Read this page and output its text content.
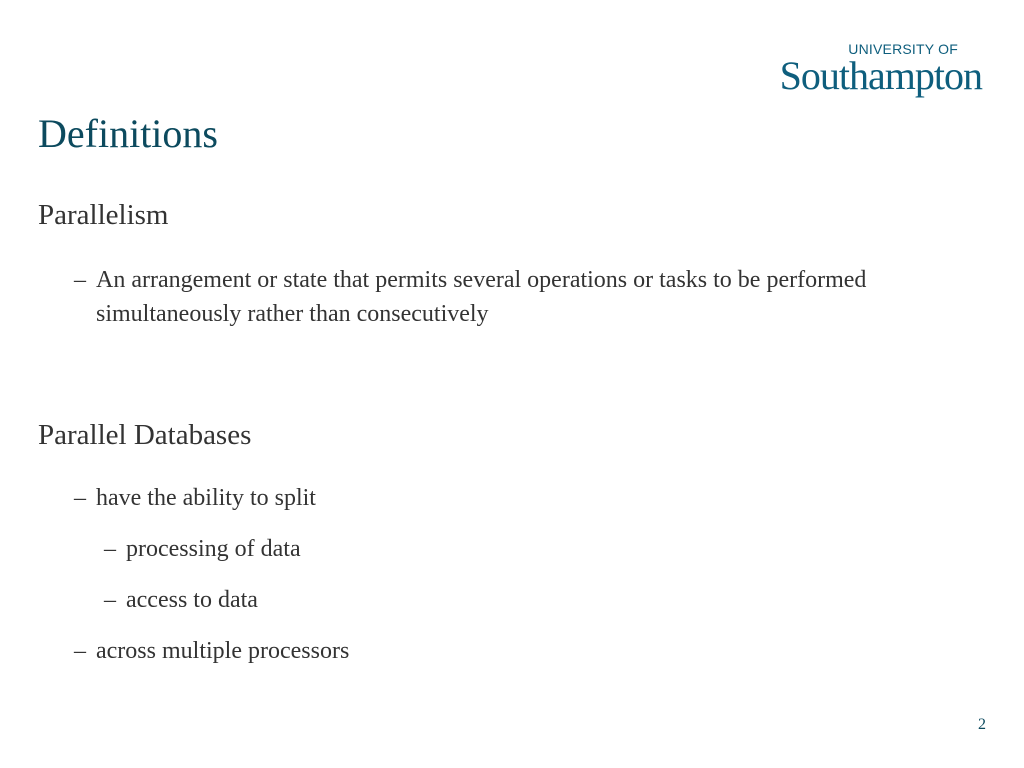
UNIVERSITY OF
Southampton
Definitions
Parallelism
– An arrangement or state that permits several operations or tasks to be performed simultaneously rather than consecutively
Parallel Databases
– have the ability to split
– processing of data
– access to data
– across multiple processors
2
